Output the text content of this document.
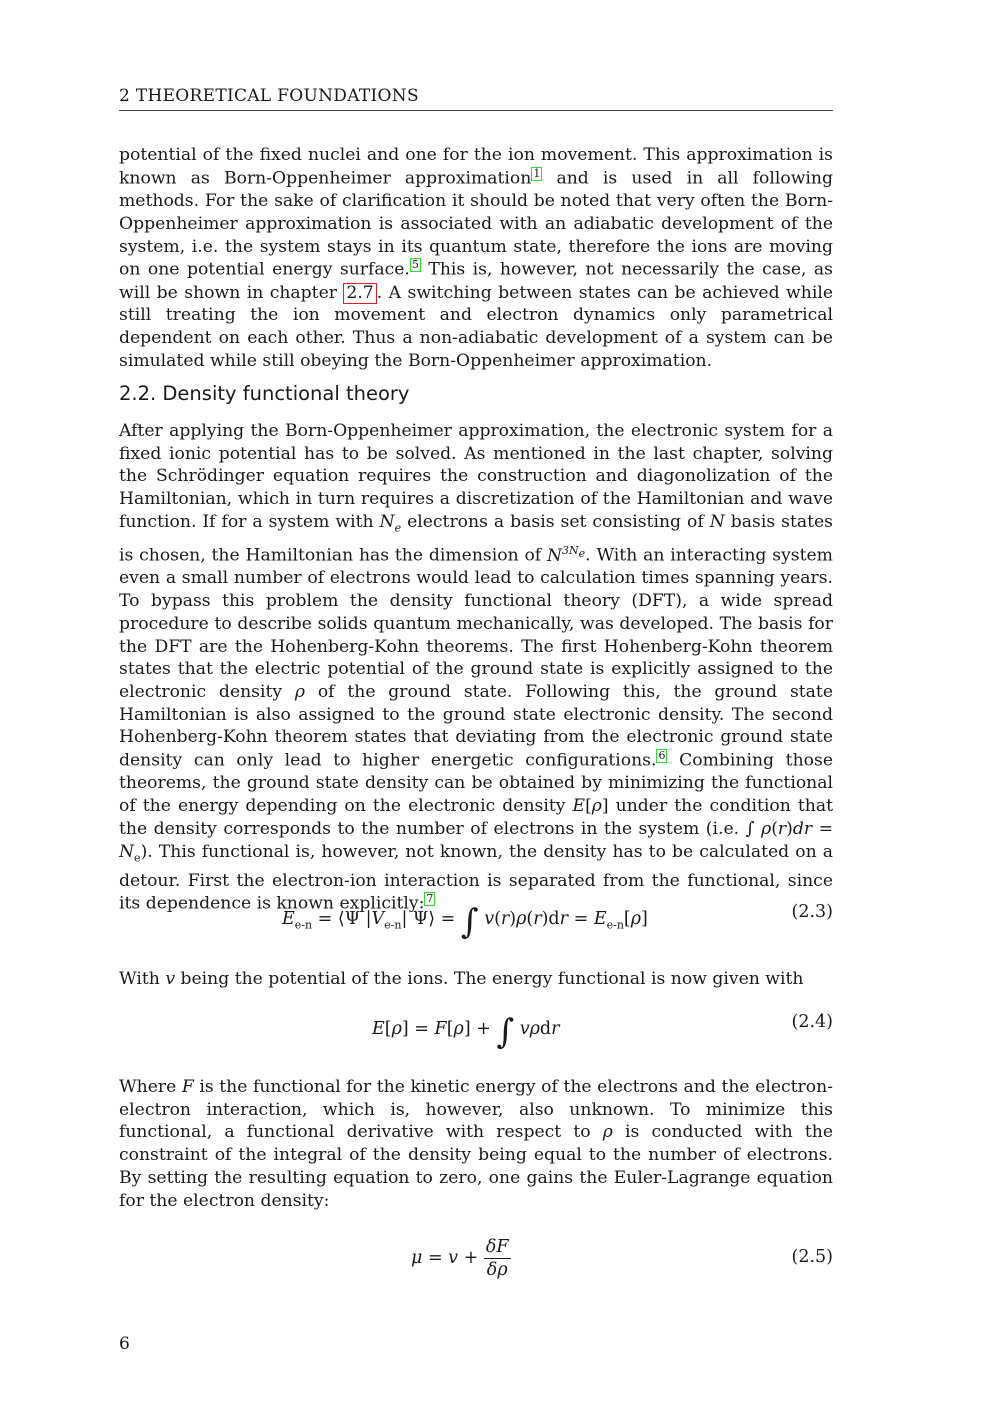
2 THEORETICAL FOUNDATIONS

potential of the fixed nuclei and one for the ion movement. This approximation is known as Born-Oppenheimer approximation 1 and is used in all following methods. For the sake of clarification it should be noted that very often the Born-Oppenheimer approximation is associated with an adiabatic development of the system, i.e. the system stays in its quantum state, therefore the ions are moving on one potential energy surface. 5 This is, however, not necessarily the case, as will be shown in chapter 2.7 . A switching between states can be achieved while still treating the ion movement and electron dynamics only parametrical dependent on each other. Thus a non-adiabatic development of a system can be simulated while still obeying the Born-Oppenheimer approximation.

2.2. Density functional theory

After applying the Born-Oppenheimer approximation, the electronic system for a fixed ionic potential has to be solved. As mentioned in the last chapter, solving the Schrödinger equation requires the construction and diagonolization of the Hamiltonian, which in turn requires a discretization of the Hamiltonian and wave function. If for a system with $N_e$ electrons a basis set consisting of N basis states is chosen, the Hamiltonian has the dimension of $N^{3N_e}$. With an interacting system even a small number of electrons would lead to calculation times spanning years. To bypass this problem the density functional theory (DFT), a wide spread procedure to describe solids quantum mechanically, was developed. The basis for the DFT are the Hohenberg-Kohn theorems. The first Hohenberg-Kohn theorem states that the electric potential of the ground state is explicitly assigned to the electronic density ρ of the ground state. Following this, the ground state Hamiltonian is also assigned to the ground state electronic density. The second Hohenberg-Kohn theorem states that deviating from the electronic ground state density can only lead to higher energetic configurations. 6 Combining those theorems, the ground state density can be obtained by minimizing the functional of the energy depending on the electronic density E[ρ] under the condition that the density corresponds to the number of electrons in the system (i.e. ∫ $\rho(r)dr = N_e$). This functional is, however, not known, the density has to be calculated on a detour. First the electron-ion interaction is separated from the functional, since its dependence is known explicitly: 7

$E_{e-n}$ = ⟨Ψ $|V_{e-n}|$ Ψ⟩ = ∫ $v(r)\rho(r)dr = E_{e-n}[\rho]$	(2.3)

With v being the potential of the ions. The energy functional is now given with

E[ρ] = F[ρ] + ∫ vρdr	(2.4)

Where F is the functional for the kinetic energy of the electrons and the electron-electron interaction, which is, however, also unknown. To minimize this functional, a functional derivative with respect to ρ is conducted with the constraint of the integral of the density being equal to the number of electrons. By setting the resulting equation to zero, one gains the Euler-Lagrange equation for the electron density:

$\mu = v + \frac{\delta F}{\delta\rho}$	(2.5)
6
